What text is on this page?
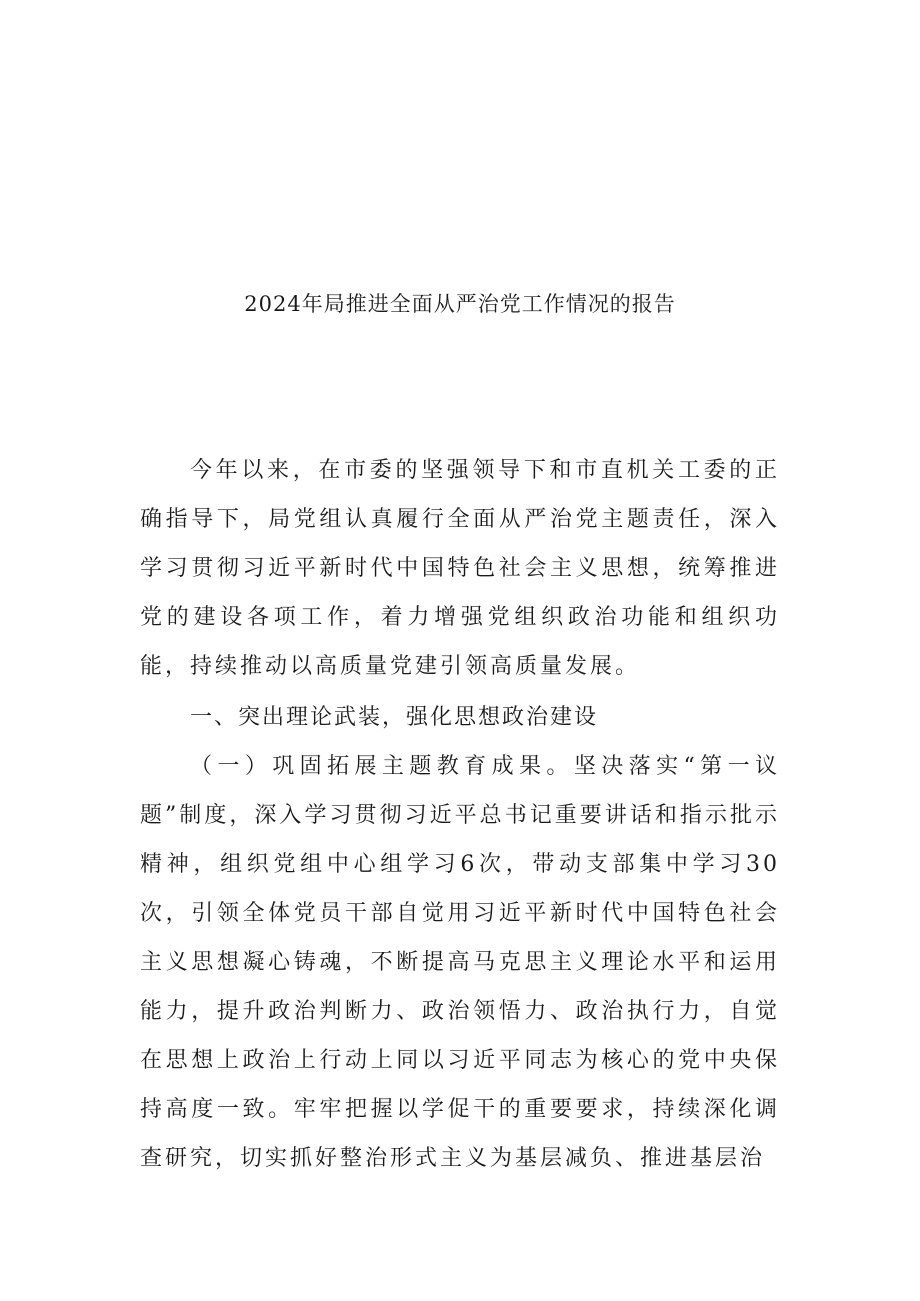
2024年局推进全面从严治党工作情况的报告

今年以来，在市委的坚强领导下和市直机关工委的正确指导下，局党组认真履行全面从严治党主题责任，深入学习贯彻习近平新时代中国特色社会主义思想，统筹推进党的建设各项工作，着力增强党组织政治功能和组织功能，持续推动以高质量党建引领高质量发展。

一、突出理论武装，强化思想政治建设

（一）巩固拓展主题教育成果。坚决落实“第一议题”制度，深入学习贯彻习近平总书记重要讲话和指示批示精神，组织党组中心组学习6次，带动支部集中学习30次，引领全体党员干部自觉用习近平新时代中国特色社会主义思想凝心铸魂，不断提高马克思主义理论水平和运用能力，提升政治判断力、政治领悟力、政治执行力，自觉在思想上政治上行动上同以习近平同志为核心的党中央保持高度一致。牢牢把握以学促干的重要要求，持续深化调查研究，切实抓好整治形式主义为基层减负、推进基层治
